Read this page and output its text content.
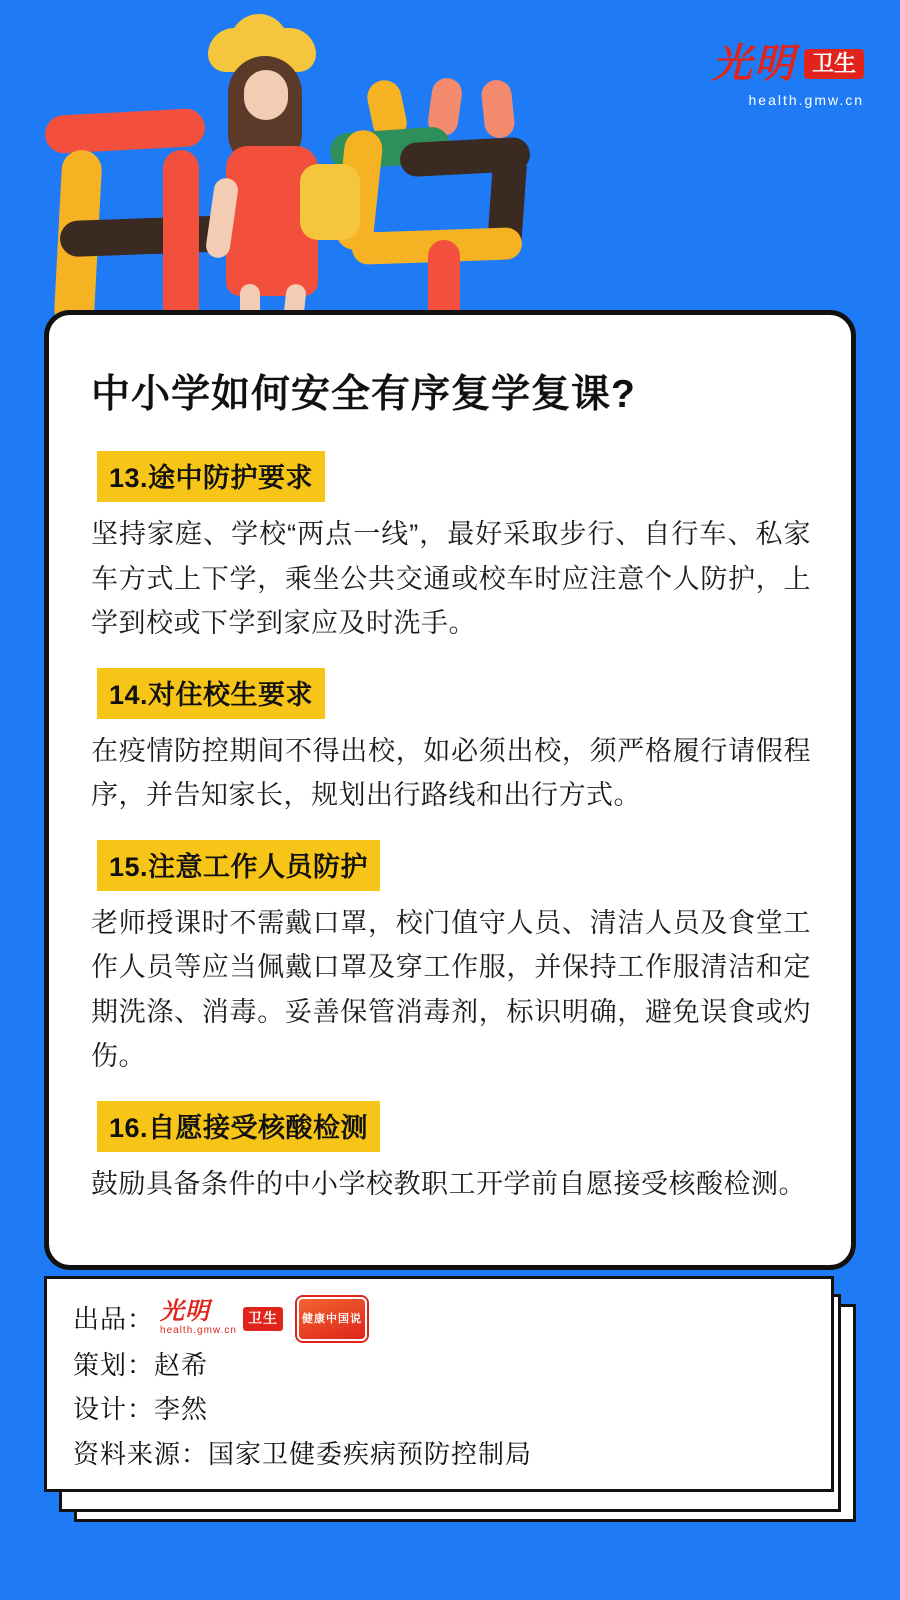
光明 卫生
health.gmw.cn
中小学如何安全有序复学复课?
13.途中防护要求
坚持家庭、学校“两点一线”，最好采取步行、自行车、私家车方式上下学，乘坐公共交通或校车时应注意个人防护，上学到校或下学到家应及时洗手。
14.对住校生要求
在疫情防控期间不得出校，如必须出校，须严格履行请假程序，并告知家长，规划出行路线和出行方式。
15.注意工作人员防护
老师授课时不需戴口罩，校门值守人员、清洁人员及食堂工作人员等应当佩戴口罩及穿工作服，并保持工作服清洁和定期洗涤、消毒。妥善保管消毒剂，标识明确，避免误食或灼伤。
16.自愿接受核酸检测
鼓励具备条件的中小学校教职工开学前自愿接受核酸检测。
出品： 光明
health.gmw.cn
卫生	健康中国说
策划： 赵希
设计： 李然
资料来源： 国家卫健委疾病预防控制局
